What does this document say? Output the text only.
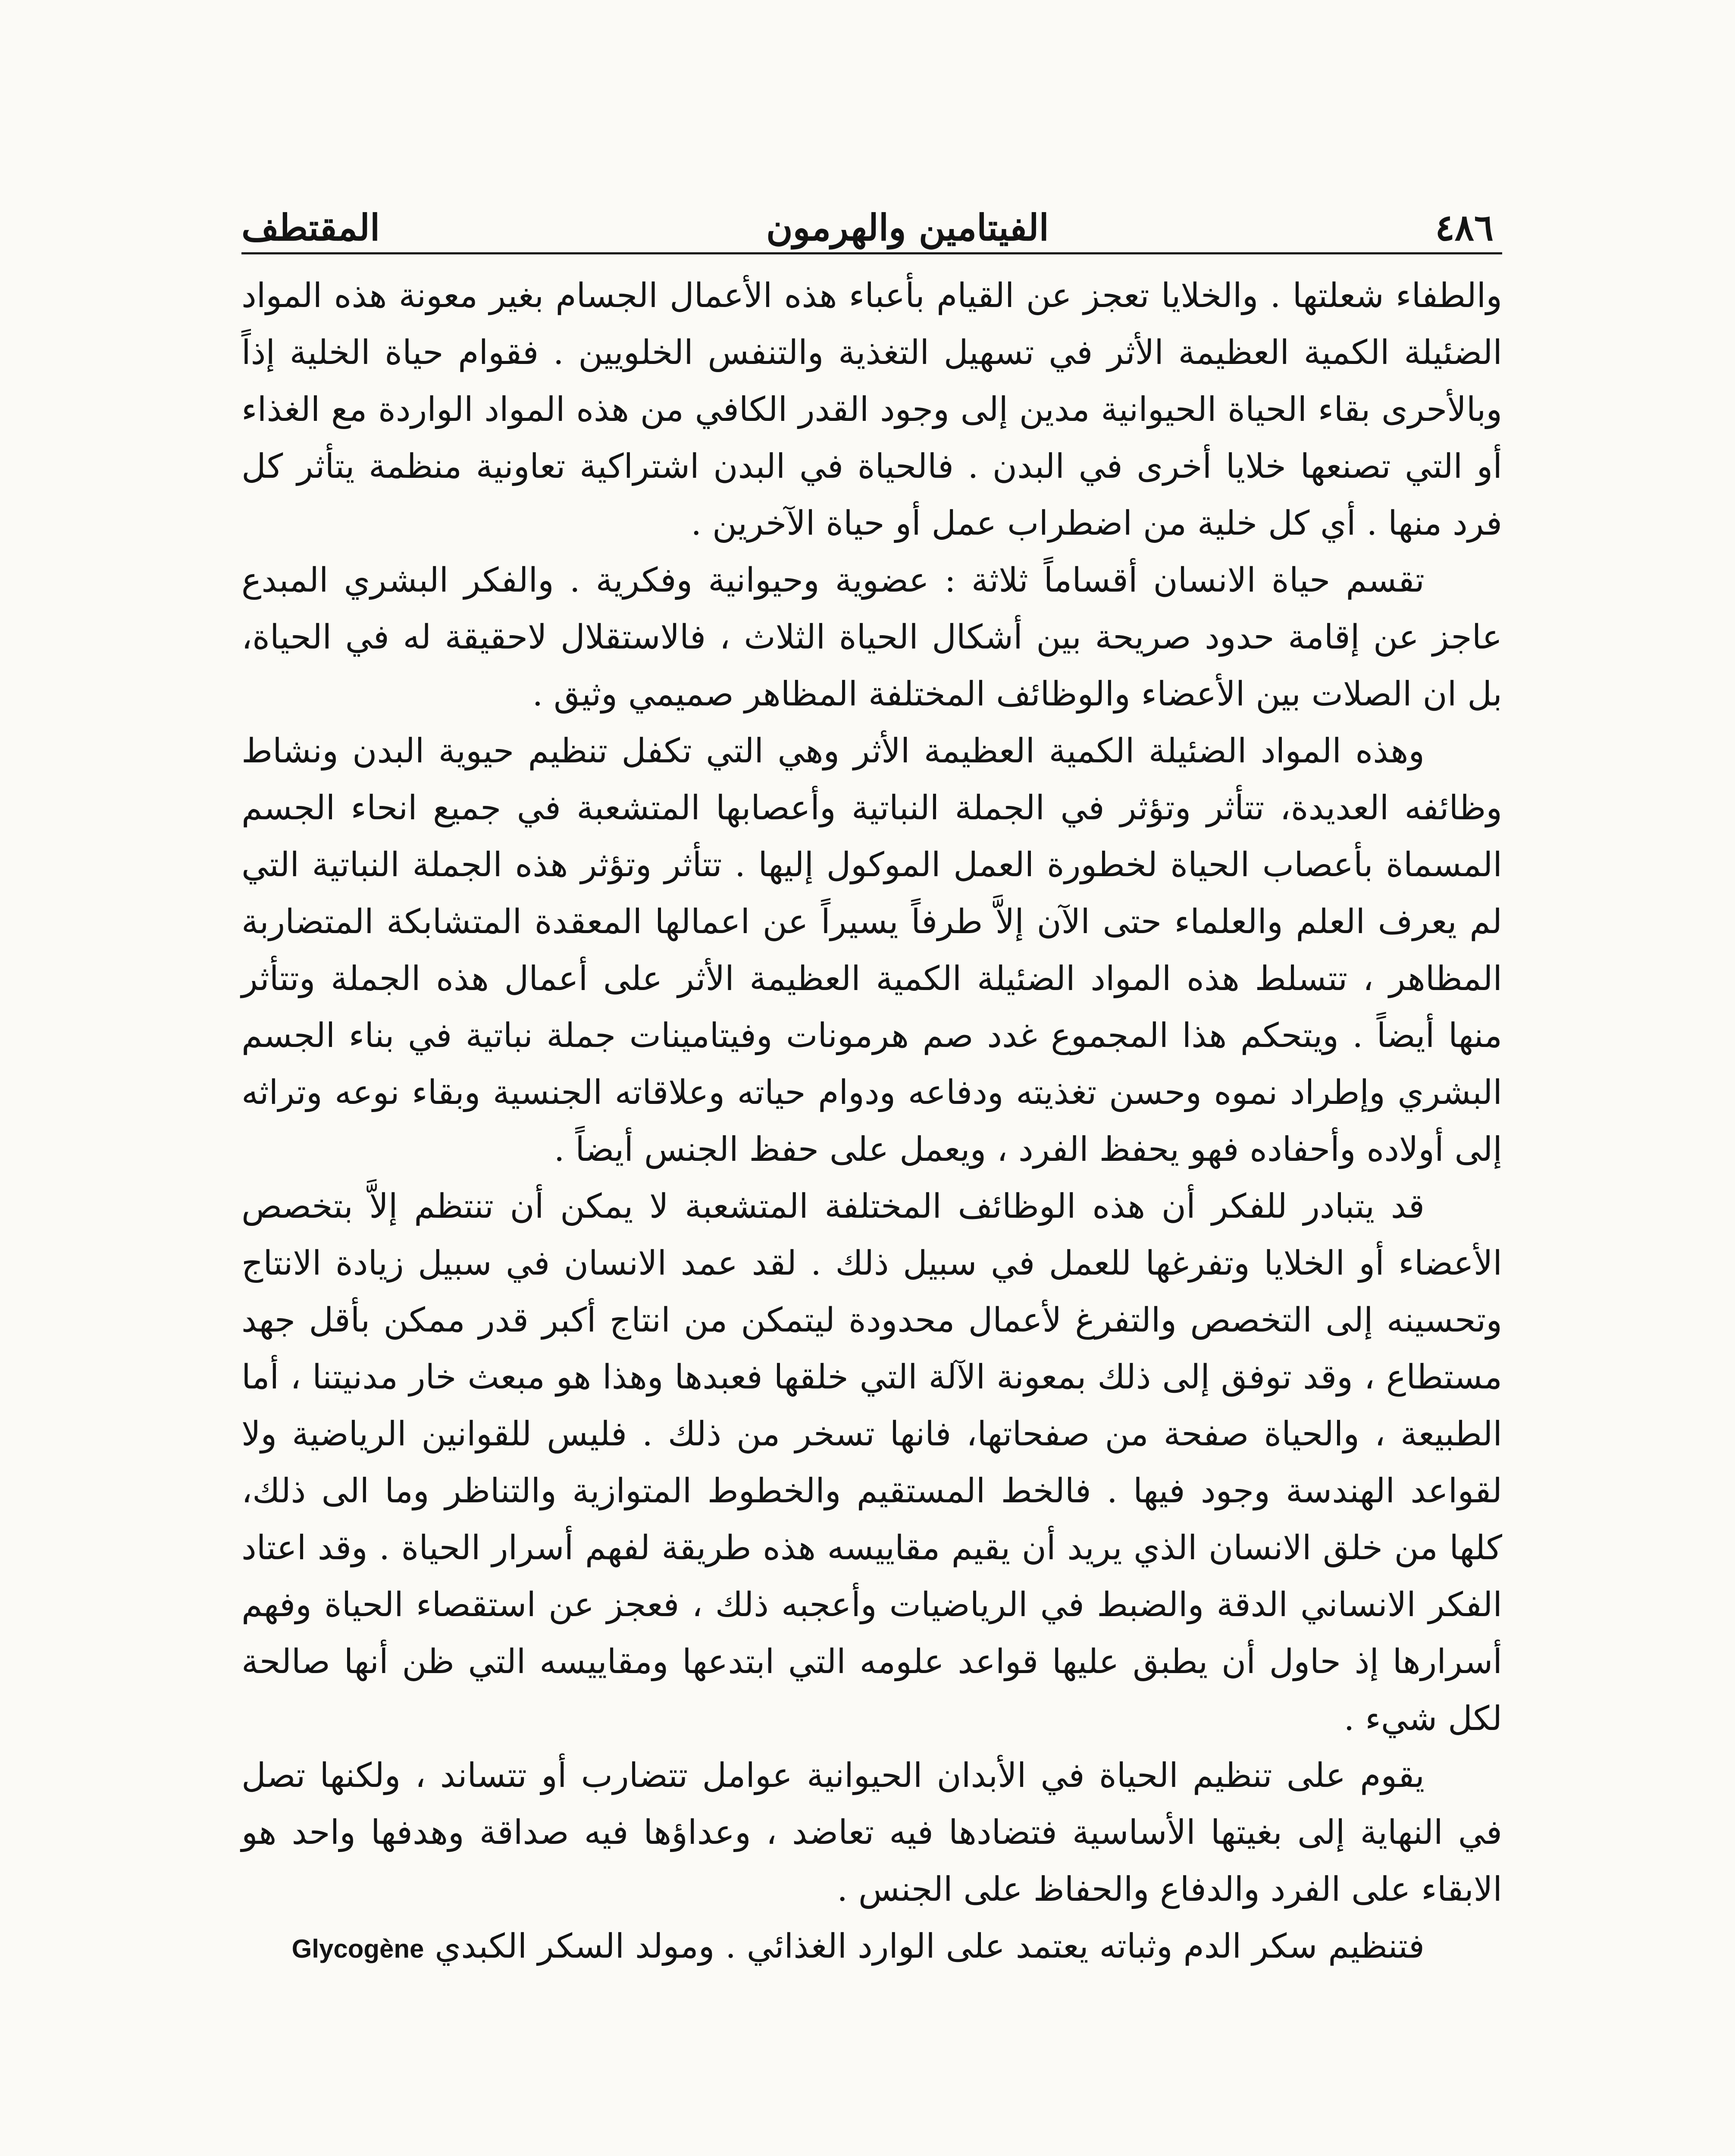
٤٨٦
الفيتامين والهرمون
المقتطف

والطفاء شعلتها . والخلايا تعجز عن القيام بأعباء هذه الأعمال الجسام بغير معونة هذه المواد الضئيلة الكمية العظيمة الأثر في تسهيل التغذية والتنفس الخلويين . فقوام حياة الخلية إذاً وبالأحرى بقاء الحياة الحيوانية مدين إلى وجود القدر الكافي من هذه المواد الواردة مع الغذاء أو التي تصنعها خلايا أخرى في البدن . فالحياة في البدن اشتراكية تعاونية منظمة يتأثر كل فرد منها . أي كل خلية من اضطراب عمل أو حياة الآخرين .

تقسم حياة الانسان أقساماً ثلاثة : عضوية وحيوانية وفكرية . والفكر البشري المبدع عاجز عن إقامة حدود صريحة بين أشكال الحياة الثلاث ، فالاستقلال لاحقيقة له في الحياة، بل ان الصلات بين الأعضاء والوظائف المختلفة المظاهر صميمي وثيق .

وهذه المواد الضئيلة الكمية العظيمة الأثر وهي التي تكفل تنظيم حيوية البدن ونشاط وظائفه العديدة، تتأثر وتؤثر في الجملة النباتية وأعصابها المتشعبة في جميع انحاء الجسم المسماة بأعصاب الحياة لخطورة العمل الموكول إليها . تتأثر وتؤثر هذه الجملة النباتية التي لم يعرف العلم والعلماء حتى الآن إلاَّ طرفاً يسيراً عن اعمالها المعقدة المتشابكة المتضاربة المظاهر ، تتسلط هذه المواد الضئيلة الكمية العظيمة الأثر على أعمال هذه الجملة وتتأثر منها أيضاً . ويتحكم هذا المجموع غدد صم هرمونات وفيتامينات جملة نباتية في بناء الجسم البشري وإطراد نموه وحسن تغذيته ودفاعه ودوام حياته وعلاقاته الجنسية وبقاء نوعه وتراثه إلى أولاده وأحفاده فهو يحفظ الفرد ، ويعمل على حفظ الجنس أيضاً .

قد يتبادر للفكر أن هذه الوظائف المختلفة المتشعبة لا يمكن أن تنتظم إلاَّ بتخصص الأعضاء أو الخلايا وتفرغها للعمل في سبيل ذلك . لقد عمد الانسان في سبيل زيادة الانتاج وتحسينه إلى التخصص والتفرغ لأعمال محدودة ليتمكن من انتاج أكبر قدر ممكن بأقل جهد مستطاع ، وقد توفق إلى ذلك بمعونة الآلة التي خلقها فعبدها وهذا هو مبعث خار مدنيتنا ، أما الطبيعة ، والحياة صفحة من صفحاتها، فانها تسخر من ذلك . فليس للقوانين الرياضية ولا لقواعد الهندسة وجود فيها . فالخط المستقيم والخطوط المتوازية والتناظر وما الى ذلك، كلها من خلق الانسان الذي يريد أن يقيم مقاييسه هذه طريقة لفهم أسرار الحياة . وقد اعتاد الفكر الانساني الدقة والضبط في الرياضيات وأعجبه ذلك ، فعجز عن استقصاء الحياة وفهم أسرارها إذ حاول أن يطبق عليها قواعد علومه التي ابتدعها ومقاييسه التي ظن أنها صالحة لكل شيء .

يقوم على تنظيم الحياة في الأبدان الحيوانية عوامل تتضارب أو تتساند ، ولكنها تصل في النهاية إلى بغيتها الأساسية فتضادها فيه تعاضد ، وعداؤها فيه صداقة وهدفها واحد هو الابقاء على الفرد والدفاع والحفاظ على الجنس .

فتنظيم سكر الدم وثباته يعتمد على الوارد الغذائي . ومولد السكر الكبدي Glycogène
